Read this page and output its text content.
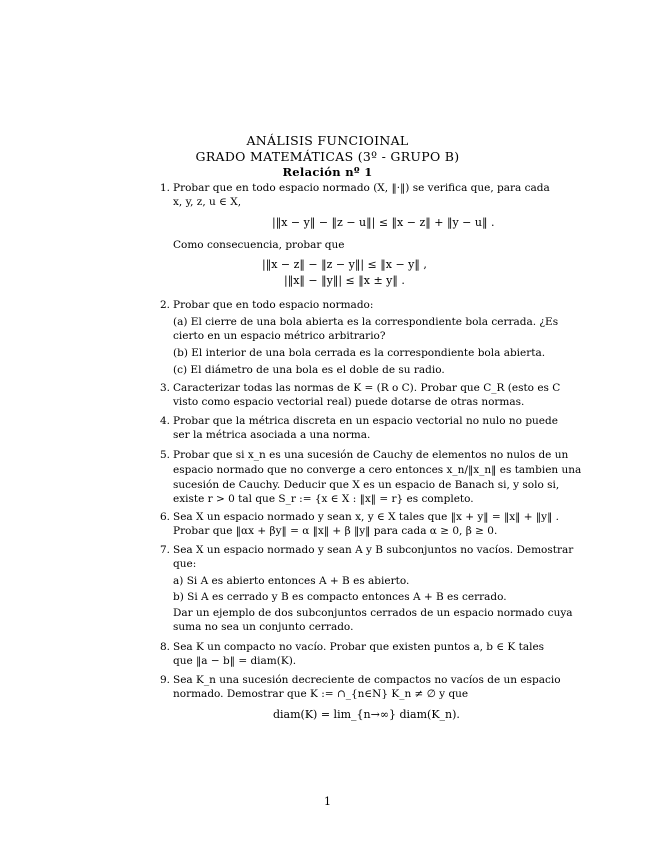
ANÁLISIS FUNCIOINAL
GRADO MATEMÁTICAS (3º - GRUPO B)
Relación nº 1
1. Probar que en todo espacio normado (X, ‖·‖) se verifica que, para cada
x, y, z, u ∈ X,
|‖x − y‖ − ‖z − u‖| ≤ ‖x − z‖ + ‖y − u‖ .
Como consecuencia, probar que
|‖x − z‖ − ‖z − y‖| ≤ ‖x − y‖ ,
|‖x‖ − ‖y‖| ≤ ‖x ± y‖ .
2. Probar que en todo espacio normado:
(a) El cierre de una bola abierta es la correspondiente bola cerrada. ¿Es
cierto en un espacio métrico arbitrario?
(b) El interior de una bola cerrada es la correspondiente bola abierta.
(c) El diámetro de una bola es el doble de su radio.
3. Caracterizar todas las normas de K = (R o C). Probar que C_R (esto es C
visto como espacio vectorial real) puede dotarse de otras normas.
4. Probar que la métrica discreta en un espacio vectorial no nulo no puede
ser la métrica asociada a una norma.
5. Probar que si x_n es una sucesión de Cauchy de elementos no nulos de un
espacio normado que no converge a cero entonces x_n/‖x_n‖ es tambien una
sucesión de Cauchy. Deducir que X es un espacio de Banach si, y solo si,
existe r > 0 tal que S_r := {x ∈ X : ‖x‖ = r} es completo.
6. Sea X un espacio normado y sean x, y ∈ X tales que ‖x + y‖ = ‖x‖ + ‖y‖ .
Probar que ‖αx + βy‖ = α ‖x‖ + β ‖y‖ para cada α ≥ 0, β ≥ 0.
7. Sea X un espacio normado y sean A y B subconjuntos no vacíos. Demostrar
que:
a) Si A es abierto entonces A + B es abierto.
b) Si A es cerrado y B es compacto entonces A + B es cerrado.
Dar un ejemplo de dos subconjuntos cerrados de un espacio normado cuya
suma no sea un conjunto cerrado.
8. Sea K un compacto no vacío. Probar que existen puntos a, b ∈ K tales
que ‖a − b‖ = diam(K).
9. Sea K_n una sucesión decreciente de compactos no vacíos de un espacio
normado. Demostrar que K := ∩_{n∈N} K_n ≠ ∅ y que
diam(K) = lim_{n→∞} diam(K_n).
1
